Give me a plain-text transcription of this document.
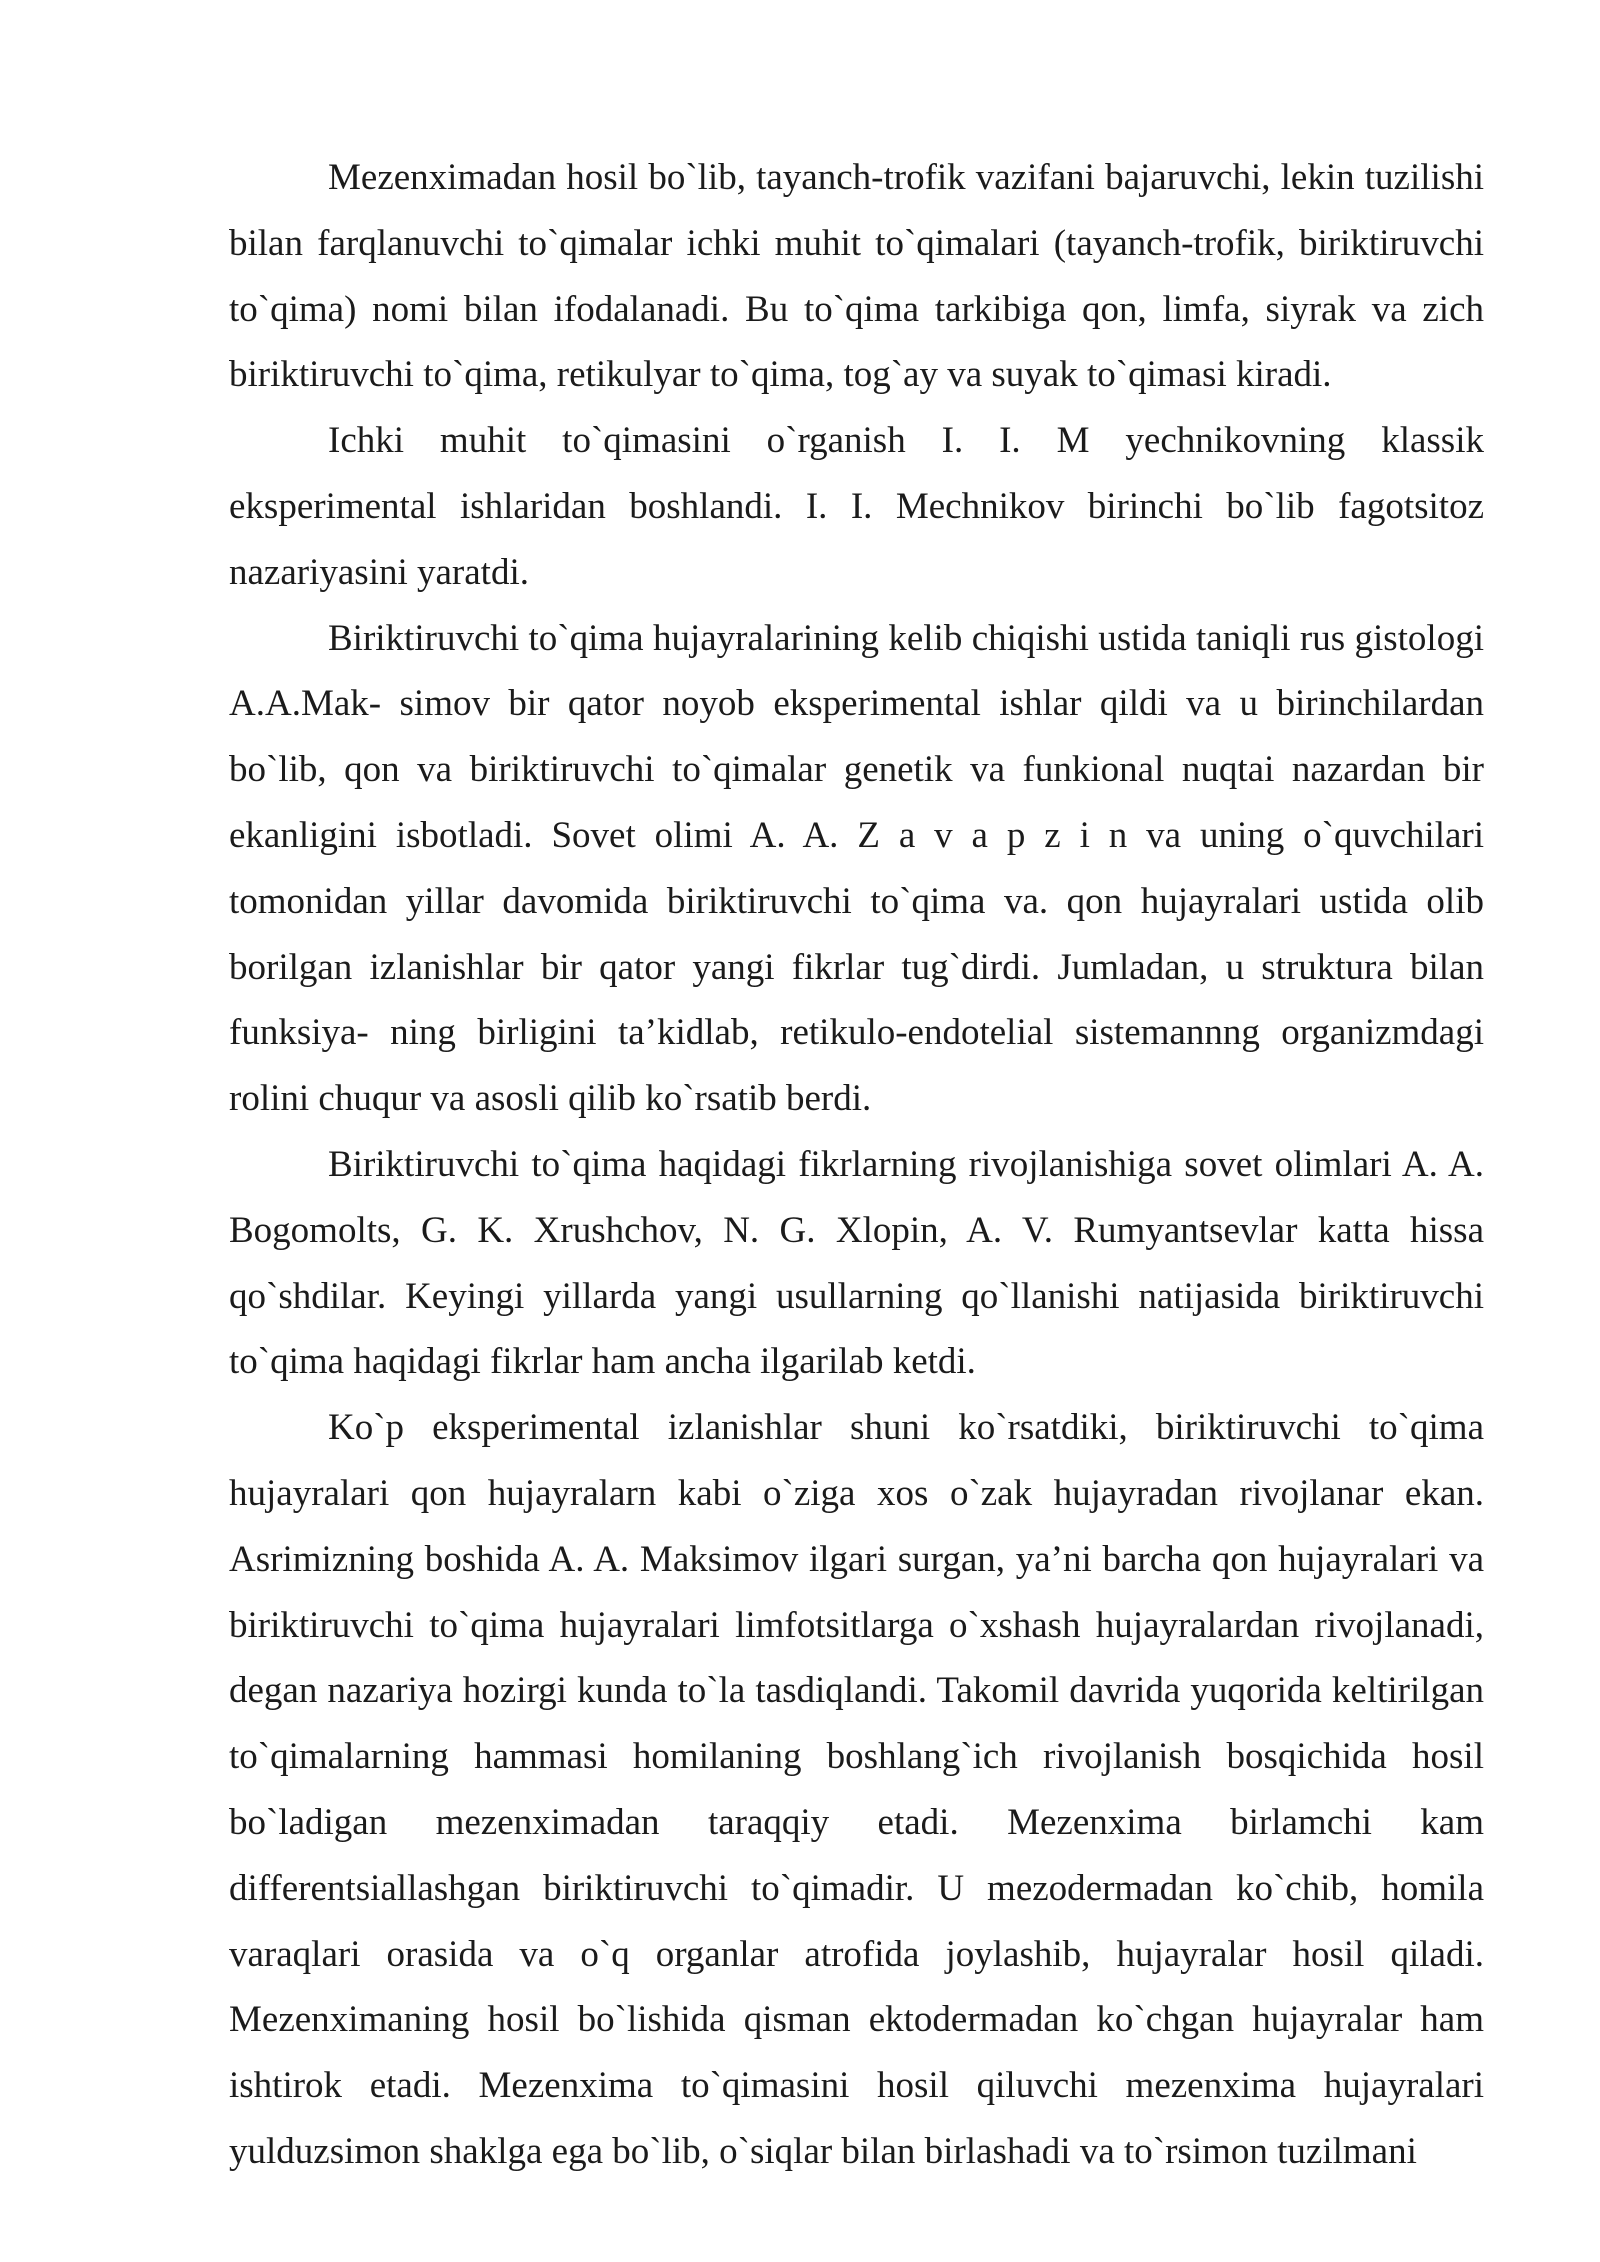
Mezenximadan hosil bo`lib, tayanch-trofik vazifani bajaruvchi, lekin tuzilishi bilan farqlanuvchi to`qimalar ichki muhit to`qimalari (tayanch-trofik, biriktiruvchi to`qima) nomi bilan ifodalanadi. Bu to`qima tarkibiga qon, limfa, siyrak va zich biriktiruvchi to`qima, retikulyar to`qima, tog`ay va suyak to`qimasi kiradi.

Ichki muhit to`qimasini o`rganish I. I. M yechnikovning klassik eksperimental ishlaridan boshlandi. I. I. Mechnikov birinchi bo`lib fagotsitoz nazariyasini yaratdi.

Biriktiruvchi to`qima hujayralarining kelib chiqishi ustida taniqli rus gistologi A.A.Mak- simov bir qator noyob eksperimental ishlar qildi va u birinchilardan bo`lib, qon va biriktiruvchi to`qimalar genetik va funkional nuqtai nazardan bir ekanligini isbotladi. Sovet olimi A. A. Z a v a p z i n va uning o`quvchilari tomonidan yillar davomida biriktiruvchi to`qima va. qon hujayralari ustida olib borilgan izlanishlar bir qator yangi fikrlar tug`dirdi. Jumladan, u struktura bilan funksiya- ning birligini ta’kidlab, retikulo-endotelial sistemannng organizmdagi rolini chuqur va asosli qilib ko`rsatib berdi.

Biriktiruvchi to`qima haqidagi fikrlarning rivojlanishiga sovet olimlari A. A. Bogomolts, G. K. Xrushchov, N. G. Xlopin, A. V. Rumyantsevlar katta hissa qo`shdilar. Keyingi yillarda yangi usullarning qo`llanishi natijasida biriktiruvchi to`qima haqidagi fikrlar ham ancha ilgarilab ketdi.

Ko`p eksperimental izlanishlar shuni ko`rsatdiki, biriktiruvchi to`qima hujayralari qon hujayralarn kabi o`ziga xos o`zak hujayradan rivojlanar ekan. Asrimizning boshida A. A. Maksimov ilgari surgan, ya’ni barcha qon hujayralari va biriktiruvchi to`qima hujayralari limfotsitlarga o`xshash hujayralardan rivojlanadi, degan nazariya hozirgi kunda to`la tasdiqlandi. Takomil davrida yuqorida keltirilgan to`qimalarning hammasi homilaning boshlang`ich rivojlanish bosqichida hosil bo`ladigan mezenximadan taraqqiy etadi. Mezenxima birlamchi kam differentsiallashgan biriktiruvchi to`qimadir. U mezodermadan ko`chib, homila varaqlari orasida va o`q organlar atrofida joylashib, hujayralar hosil qiladi. Mezenximaning hosil bo`lishida qisman ektodermadan ko`chgan hujayralar ham ishtirok etadi. Mezenxima to`qimasini hosil qiluvchi mezenxima hujayralari yulduzsimon shaklga ega bo`lib, o`siqlar bilan birlashadi va to`rsimon tuzilmani
